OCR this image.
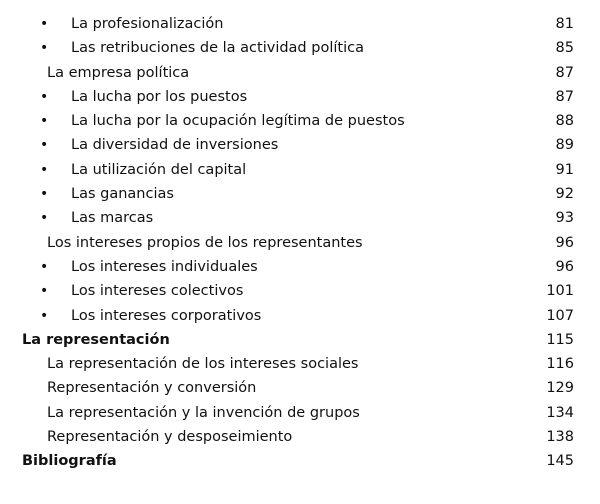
• La profesionalización	81
• Las retribuciones de la actividad política	85
La empresa política	87
• La lucha por los puestos	87
• La lucha por la ocupación legítima de puestos	88
• La diversidad de inversiones	89
• La utilización del capital	91
• Las ganancias	92
• Las marcas	93
Los intereses propios de los representantes	96
• Los intereses individuales	96
• Los intereses colectivos	101
• Los intereses corporativos	107
La representación	115
La representación de los intereses sociales	116
Representación y conversión	129
La representación y la invención de grupos	134
Representación y desposeimiento	138
Bibliografía	145
